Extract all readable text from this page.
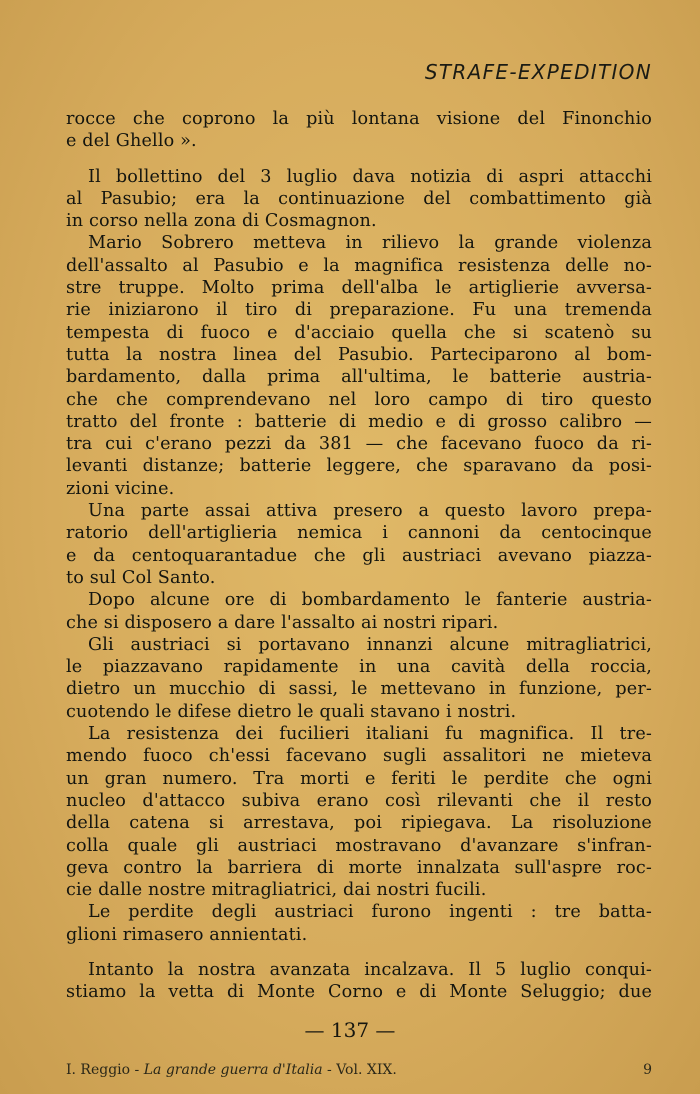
STRAFE-EXPEDITION
rocce che coprono la più lontana visione del Finonchio
e del Ghello ».
Il bollettino del 3 luglio dava notizia di aspri attacchi
al Pasubio; era la continuazione del combattimento già
in corso nella zona di Cosmagnon.
Mario Sobrero metteva in rilievo la grande violenza
dell'assalto al Pasubio e la magnifica resistenza delle no-
stre truppe. Molto prima dell'alba le artiglierie avversa-
rie iniziarono il tiro di preparazione. Fu una tremenda
tempesta di fuoco e d'acciaio quella che si scatenò su
tutta la nostra linea del Pasubio. Parteciparono al bom-
bardamento, dalla prima all'ultima, le batterie austria-
che che comprendevano nel loro campo di tiro questo
tratto del fronte : batterie di medio e di grosso calibro —
tra cui c'erano pezzi da 381 — che facevano fuoco da ri-
levanti distanze; batterie leggere, che sparavano da posi-
zioni vicine.
Una parte assai attiva presero a questo lavoro prepa-
ratorio dell'artiglieria nemica i cannoni da centocinque
e da centoquarantadue che gli austriaci avevano piazza-
to sul Col Santo.
Dopo alcune ore di bombardamento le fanterie austria-
che si disposero a dare l'assalto ai nostri ripari.
Gli austriaci si portavano innanzi alcune mitragliatrici,
le piazzavano rapidamente in una cavità della roccia,
dietro un mucchio di sassi, le mettevano in funzione, per-
cuotendo le difese dietro le quali stavano i nostri.
La resistenza dei fucilieri italiani fu magnifica. Il tre-
mendo fuoco ch'essi facevano sugli assalitori ne mieteva
un gran numero. Tra morti e feriti le perdite che ogni
nucleo d'attacco subiva erano così rilevanti che il resto
della catena si arrestava, poi ripiegava. La risoluzione
colla quale gli austriaci mostravano d'avanzare s'infran-
geva contro la barriera di morte innalzata sull'aspre roc-
cie dalle nostre mitragliatrici, dai nostri fucili.
Le perdite degli austriaci furono ingenti : tre batta-
glioni rimasero annientati.
Intanto la nostra avanzata incalzava. Il 5 luglio conqui-
stiamo la vetta di Monte Corno e di Monte Seluggio; due
— 137 —
I. Reggio - La grande guerra d'Italia - Vol. XIX.	9
